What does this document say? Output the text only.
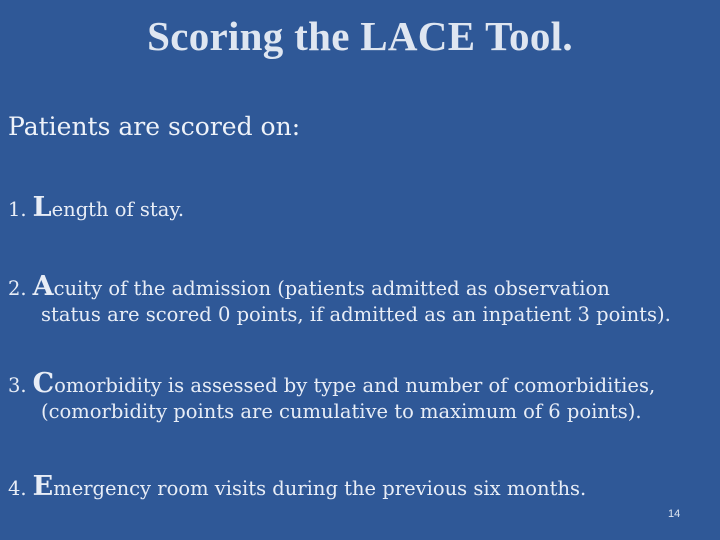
Scoring the LACE Tool.
Patients are scored on:
1. Length of stay.
2. Acuity of the admission (patients admitted as observation
status are scored 0 points, if admitted as an inpatient 3 points).
3. Comorbidity is assessed by type and number of comorbidities,
(comorbidity points are cumulative to maximum of 6 points).
4. Emergency room visits during the previous six months.
14
